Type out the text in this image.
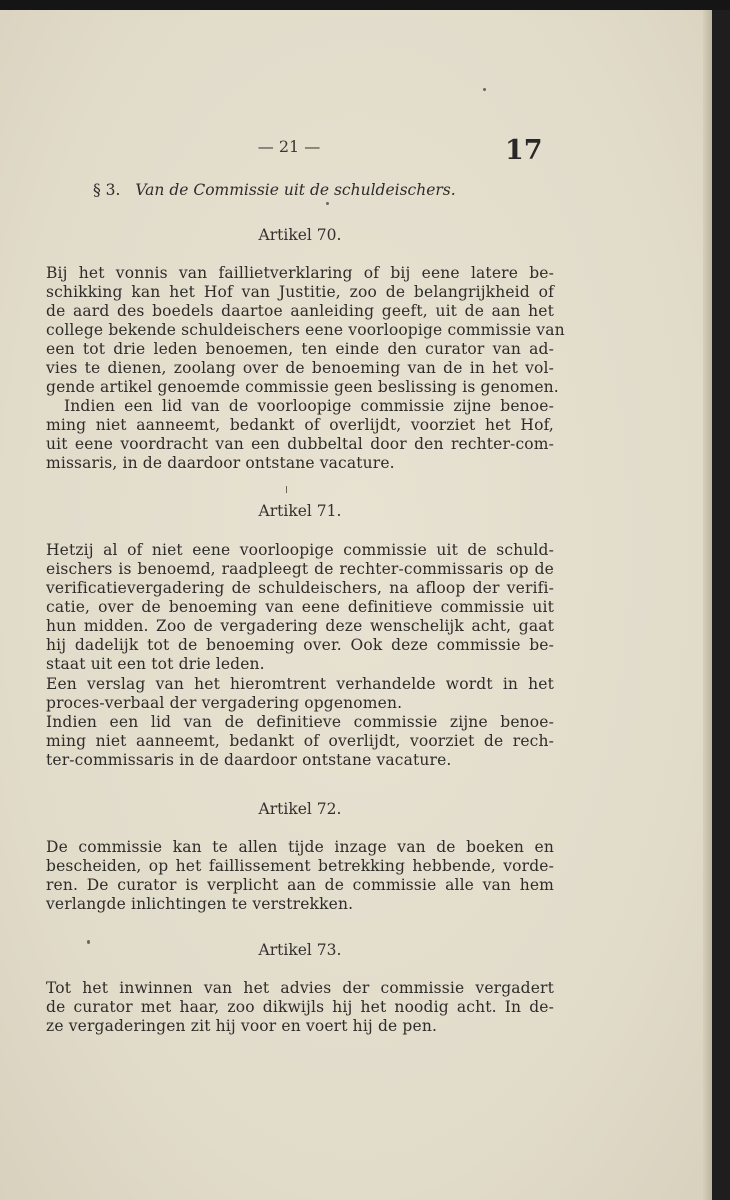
— 21 —	17
§ 3. Van de Commissie uit de schuldeischers.
Artikel 70.
Bij het vonnis van faillietverklaring of bij eene latere be-
schikking kan het Hof van Justitie, zoo de belangrijkheid of
de aard des boedels daartoe aanleiding geeft, uit de aan het
college bekende schuldeischers eene voorloopige commissie van
een tot drie leden benoemen, ten einde den curator van ad-
vies te dienen, zoolang over de benoeming van de in het vol-
gende artikel genoemde commissie geen beslissing is genomen.
Indien een lid van de voorloopige commissie zijne benoe-
ming niet aanneemt, bedankt of overlijdt, voorziet het Hof,
uit eene voordracht van een dubbeltal door den rechter-com-
missaris, in de daardoor ontstane vacature.
Artikel 71.
Hetzij al of niet eene voorloopige commissie uit de schuld-
eischers is benoemd, raadpleegt de rechter-commissaris op de
verificatievergadering de schuldeischers, na afloop der verifi-
catie, over de benoeming van eene definitieve commissie uit
hun midden. Zoo de vergadering deze wenschelijk acht, gaat
hij dadelijk tot de benoeming over. Ook deze commissie be-
staat uit een tot drie leden.
Een verslag van het hieromtrent verhandelde wordt in het
proces-verbaal der vergadering opgenomen.
Indien een lid van de definitieve commissie zijne benoe-
ming niet aanneemt, bedankt of overlijdt, voorziet de rech-
ter-commissaris in de daardoor ontstane vacature.
Artikel 72.
De commissie kan te allen tijde inzage van de boeken en
bescheiden, op het faillissement betrekking hebbende, vorde-
ren. De curator is verplicht aan de commissie alle van hem
verlangde inlichtingen te verstrekken.
Artikel 73.
Tot het inwinnen van het advies der commissie vergadert
de curator met haar, zoo dikwijls hij het noodig acht. In de-
ze vergaderingen zit hij voor en voert hij de pen.
